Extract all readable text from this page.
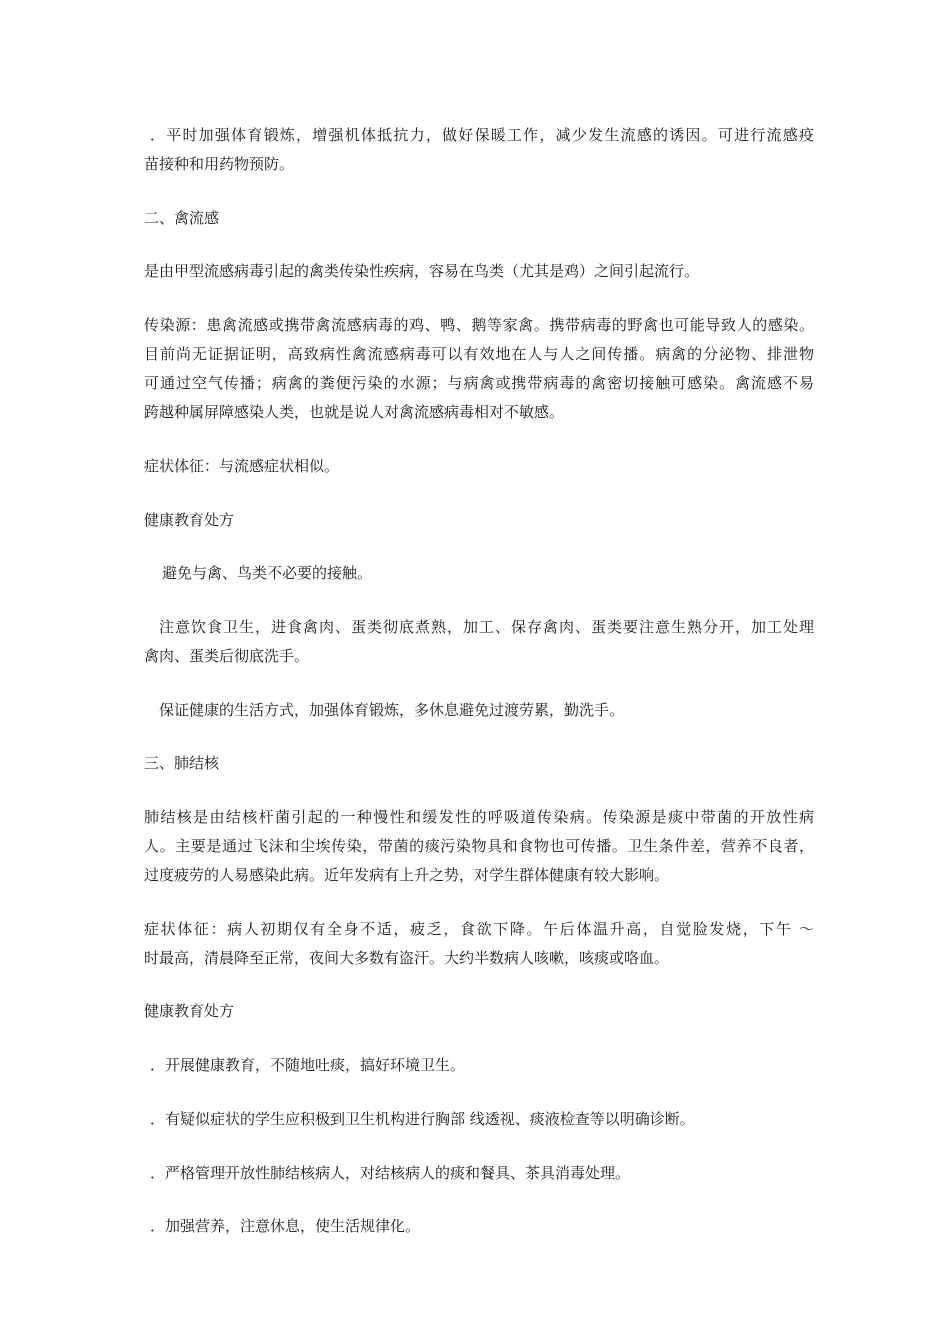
．平时加强体育锻炼，增强机体抵抗力，做好保暖工作，减少发生流感的诱因。可进行流感疫
苗接种和用药物预防。
二、禽流感
是由甲型流感病毒引起的禽类传染性疾病，容易在鸟类（尤其是鸡）之间引起流行。
传染源：患禽流感或携带禽流感病毒的鸡、鸭、鹅等家禽。携带病毒的野禽也可能导致人的感染。
目前尚无证据证明，高致病性禽流感病毒可以有效地在人与人之间传播。病禽的分泌物、排泄物
可通过空气传播；病禽的粪便污染的水源；与病禽或携带病毒的禽密切接触可感染。禽流感不易
跨越种属屏障感染人类，也就是说人对禽流感病毒相对不敏感。
症状体征：与流感症状相似。
健康教育处方
避免与禽、鸟类不必要的接触。
注意饮食卫生，进食禽肉、蛋类彻底煮熟，加工、保存禽肉、蛋类要注意生熟分开，加工处理
禽肉、蛋类后彻底洗手。
保证健康的生活方式，加强体育锻炼，多休息避免过渡劳累，勤洗手。
三、肺结核
肺结核是由结核杆菌引起的一种慢性和缓发性的呼吸道传染病。传染源是痰中带菌的开放性病
人。主要是通过飞沫和尘埃传染，带菌的痰污染物具和食物也可传播。卫生条件差，营养不良者，
过度疲劳的人易感染此病。近年发病有上升之势，对学生群体健康有较大影响。
症状体征：病人初期仅有全身不适，疲乏，食欲下降。午后体温升高，自觉脸发烧，下午 ～
时最高，清晨降至正常，夜间大多数有盗汗。大约半数病人咳嗽，咳痰或咯血。
健康教育处方
．开展健康教育，不随地吐痰，搞好环境卫生。
．有疑似症状的学生应积极到卫生机构进行胸部 线透视、痰液检查等以明确诊断。
．严格管理开放性肺结核病人，对结核病人的痰和餐具、茶具消毒处理。
．加强营养，注意休息，使生活规律化。
